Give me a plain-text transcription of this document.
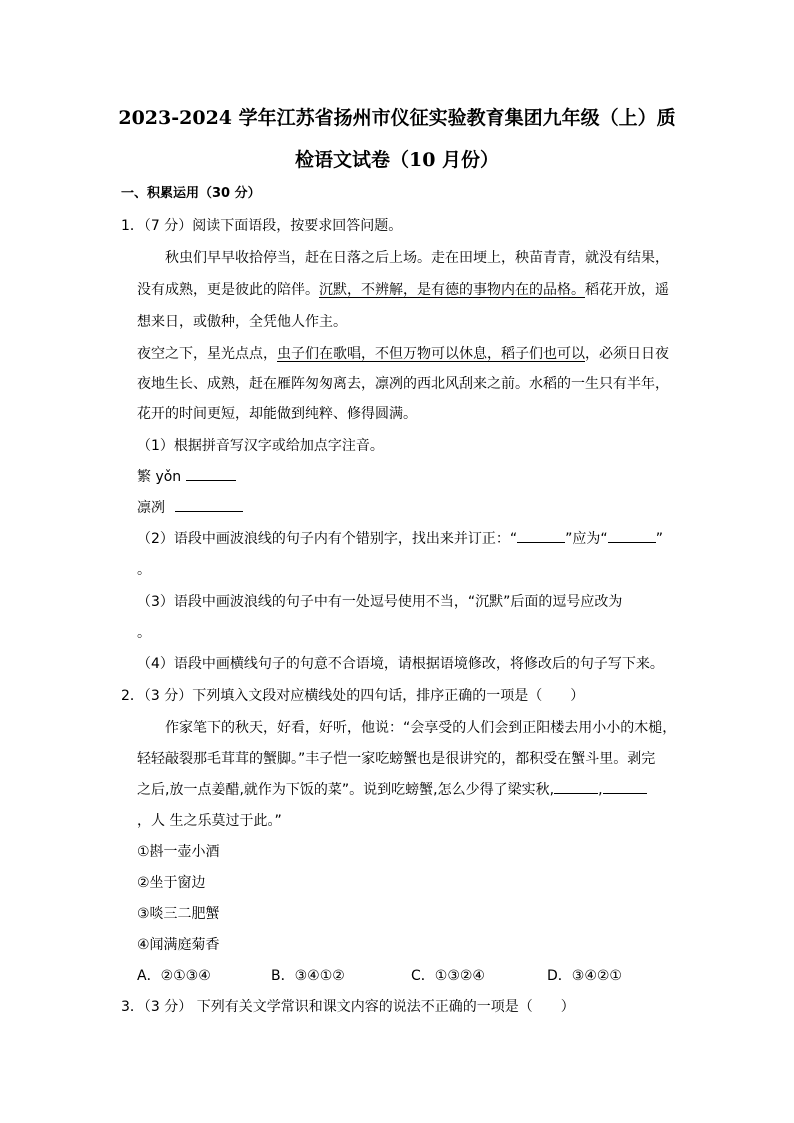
2023-2024 学年江苏省扬州市仪征实验教育集团九年级（上）质
检语文试卷（10 月份）
一、积累运用（30 分）
1．（7 分）阅读下面语段，按要求回答问题。
秋虫们早早收拾停当，赶在日落之后上场。走在田埂上，秧苗青青，就没有结果，
没有成熟，更是彼此的陪伴。沉默，不辨解，是有德的事物内在的品格。稻花开放，遥
想来日，或傲种，全凭他人作主。
夜空之下，星光点点，虫子们在歌唱，不但万物可以休息，稻子们也可以，必须日日夜
夜地生长、成熟，赶在雁阵匆匆离去，凛冽的西北风刮来之前。水稻的一生只有半年，
花开的时间更短，却能做到纯粹、修得圆满。
（1）根据拼音写汉字或给加点字注音。
繁 yǒn
凛冽
（2）语段中画波浪线的句子内有个错别字，找出来并订正：“	”应为“	”
。
（3）语段中画波浪线的句子中有一处逗号使用不当，“沉默”后面的逗号应改为
。
（4）语段中画横线句子的句意不合语境，请根据语境修改，将修改后的句子写下来。
2．（3 分）下列填入文段对应横线处的四句话，排序正确的一项是（　　）
作家笔下的秋天，好看，好听，他说：“会享受的人们会到正阳楼去用小小的木槌，
轻轻敲裂那毛茸茸的蟹脚。”丰子恺一家吃螃蟹也是很讲究的，都积受在蟹斗里。剥完
之后,放一点姜醋,就作为下饭的菜”。说到吃螃蟹,怎么少得了梁实秋,	,
，人 生之乐莫过于此。”
①斟一壶小酒
②坐于窗边
③啖三二肥蟹
④闻满庭菊香
A．②①③④	B．③④①②	C．①③②④	D．③④②①
3．（3 分） 下列有关文学常识和课文内容的说法不正确的一项是（　　）
